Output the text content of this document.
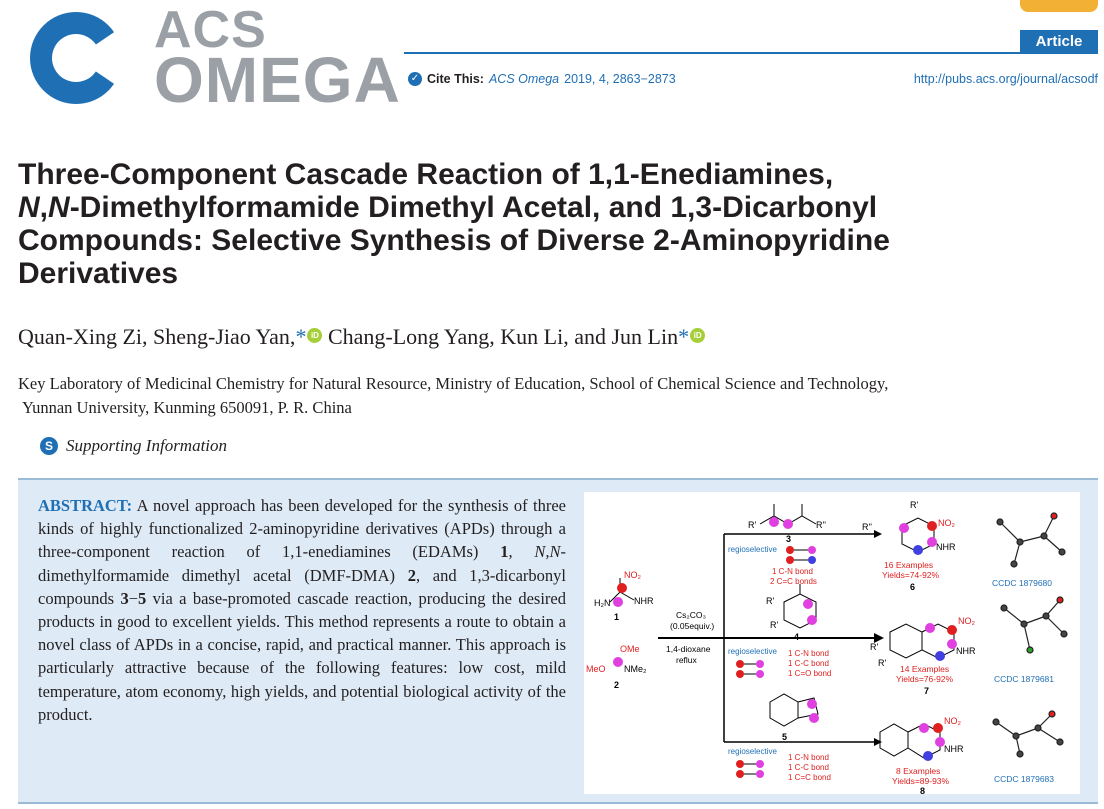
ACS
OMEGA
Article
✓ Cite This: ACS Omega 2019, 4, 2863−2873	http://pubs.acs.org/journal/acsodf
Three-Component Cascade Reaction of 1,1-Enediamines,
N,N-Dimethylformamide Dimethyl Acetal, and 1,3-Dicarbonyl
Compounds: Selective Synthesis of Diverse 2-Aminopyridine
Derivatives
Quan-Xing Zi, Sheng-Jiao Yan,* iD Chang-Long Yang, Kun Li, and Jun Lin* iD
Key Laboratory of Medicinal Chemistry for Natural Resource, Ministry of Education, School of Chemical Science and Technology,
Yunnan University, Kunming 650091, P. R. China
S Supporting Information
ABSTRACT: A novel approach has been developed for the synthesis of three kinds of highly functionalized 2-aminopyridine derivatives (APDs) through a three-component reaction of 1,1-enediamines (EDAMs) 1, N,N-dimethylformamide dimethyl acetal (DMF-DMA) 2, and 1,3-dicarbonyl compounds 3−5 via a base-promoted cascade reaction, producing the desired products in good to excellent yields. This method represents a route to obtain a novel class of APDs in a concise, rapid, and practical manner. This approach is particularly attractive because of the following features: low cost, mild temperature, atom economy, high yields, and potential biological activity of the product.
NO₂
H₂N	NHR
1
OMe
MeO NMe₂
2
Cs₂CO₃
(0.05equiv.)
1,4-dioxane
reflux
R'	R''
3
regioselective
1 C-N bond
2 C=C bonds
R'
R'
4
regioselective 1 C-N bond
1 C-C bond
1 C=O bond
5
regioselective
1 C-N bond
1 C-C bond
1 C=C bond
R''
R'
NO₂
NHR
16 Examples
Yields=74-92%
6
R'
R'
NO₂
NHR
14 Examples
Yields=76-92%
7
NO₂
NHR
8 Examples
Yields=89-93%
8
CCDC 1879680
CCDC 1879681
CCDC 1879683
